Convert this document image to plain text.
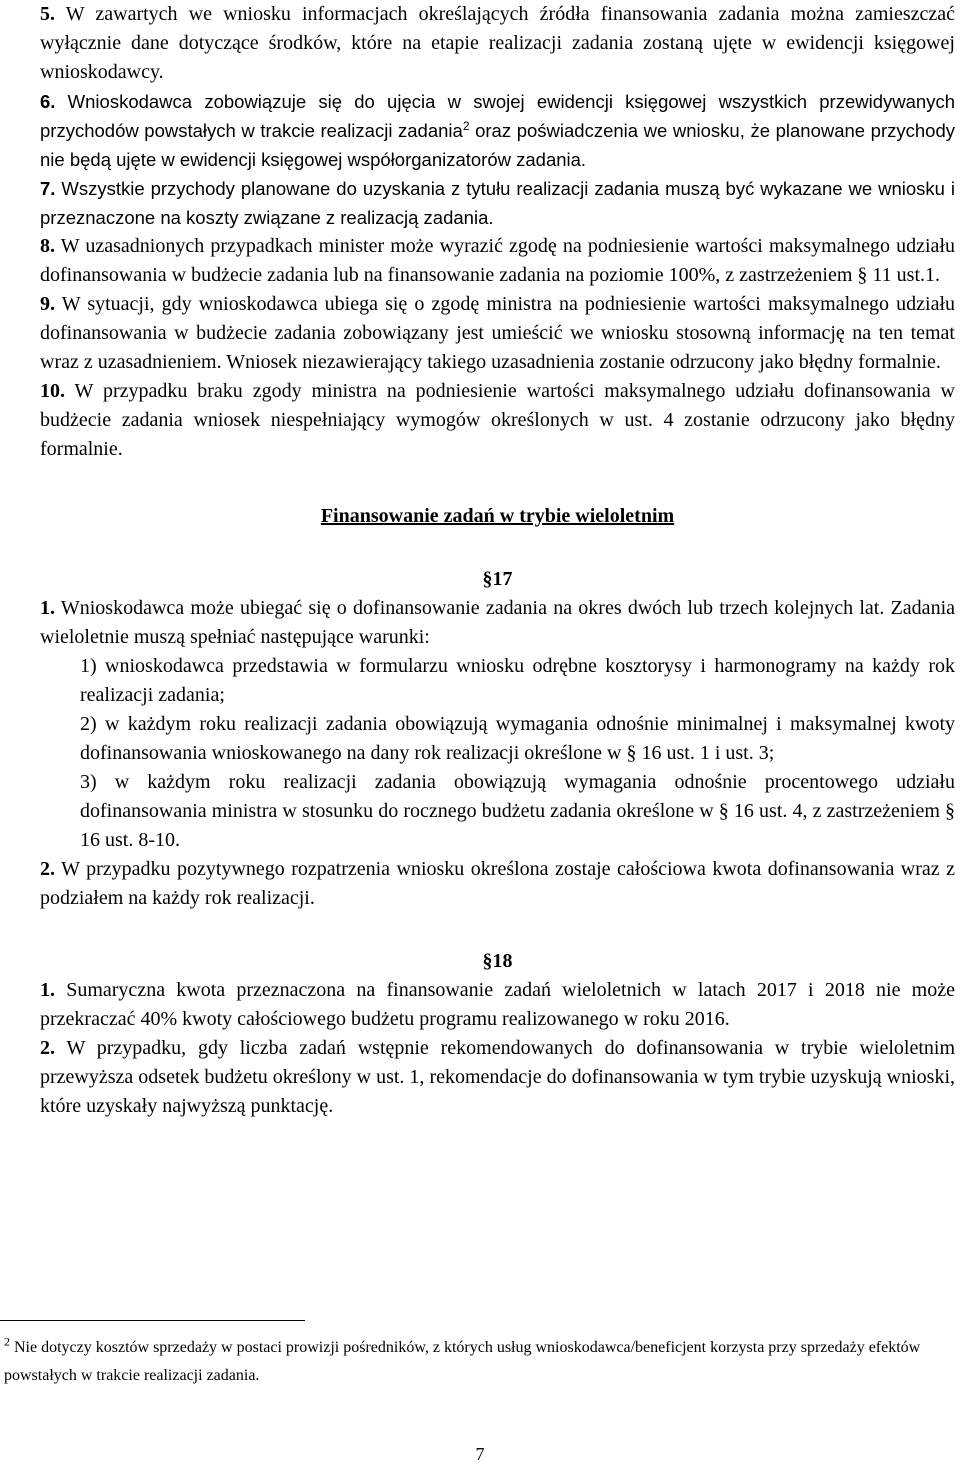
5. W zawartych we wniosku informacjach określających źródła finansowania zadania można zamieszczać wyłącznie dane dotyczące środków, które na etapie realizacji zadania zostaną ujęte w ewidencji księgowej wnioskodawcy.

6. Wnioskodawca zobowiązuje się do ujęcia w swojej ewidencji księgowej wszystkich przewidywanych przychodów powstałych w trakcie realizacji zadania$^2$ oraz poświadczenia we wniosku, że planowane przychody nie będą ujęte w ewidencji księgowej współorganizatorów zadania.

7. Wszystkie przychody planowane do uzyskania z tytułu realizacji zadania muszą być wykazane we wniosku i przeznaczone na koszty związane z realizacją zadania.

8. W uzasadnionych przypadkach minister może wyrazić zgodę na podniesienie wartości maksymalnego udziału dofinansowania w budżecie zadania lub na finansowanie zadania na poziomie 100%, z zastrzeżeniem § 11 ust.1.

9. W sytuacji, gdy wnioskodawca ubiega się o zgodę ministra na podniesienie wartości maksymalnego udziału dofinansowania w budżecie zadania zobowiązany jest umieścić we wniosku stosowną informację na ten temat wraz z uzasadnieniem. Wniosek niezawierający takiego uzasadnienia zostanie odrzucony jako błędny formalnie.

10. W przypadku braku zgody ministra na podniesienie wartości maksymalnego udziału dofinansowania w budżecie zadania wniosek niespełniający wymogów określonych w ust. 4 zostanie odrzucony jako błędny formalnie.

Finansowanie zadań w trybie wieloletnim

§17

1. Wnioskodawca może ubiegać się o dofinansowanie zadania na okres dwóch lub trzech kolejnych lat. Zadania wieloletnie muszą spełniać następujące warunki:

1) wnioskodawca przedstawia w formularzu wniosku odrębne kosztorysy i harmonogramy na każdy rok realizacji zadania;

2) w każdym roku realizacji zadania obowiązują wymagania odnośnie minimalnej i maksymalnej kwoty dofinansowania wnioskowanego na dany rok realizacji określone w § 16 ust. 1 i ust. 3;

3) w każdym roku realizacji zadania obowiązują wymagania odnośnie procentowego udziału dofinansowania ministra w stosunku do rocznego budżetu zadania określone w § 16 ust. 4, z zastrzeżeniem § 16 ust. 8-10.

2. W przypadku pozytywnego rozpatrzenia wniosku określona zostaje całościowa kwota dofinansowania wraz z podziałem na każdy rok realizacji.

§18

1. Sumaryczna kwota przeznaczona na finansowanie zadań wieloletnich w latach 2017 i 2018 nie może przekraczać 40% kwoty całościowego budżetu programu realizowanego w roku 2016.

2. W przypadku, gdy liczba zadań wstępnie rekomendowanych do dofinansowania w trybie wieloletnim przewyższa odsetek budżetu określony w ust. 1, rekomendacje do dofinansowania w tym trybie uzyskują wnioski, które uzyskały najwyższą punktację.

$^2$ Nie dotyczy kosztów sprzedaży w postaci prowizji pośredników, z których usług wnioskodawca/beneficjent korzysta przy sprzedaży efektów powstałych w trakcie realizacji zadania.

7
